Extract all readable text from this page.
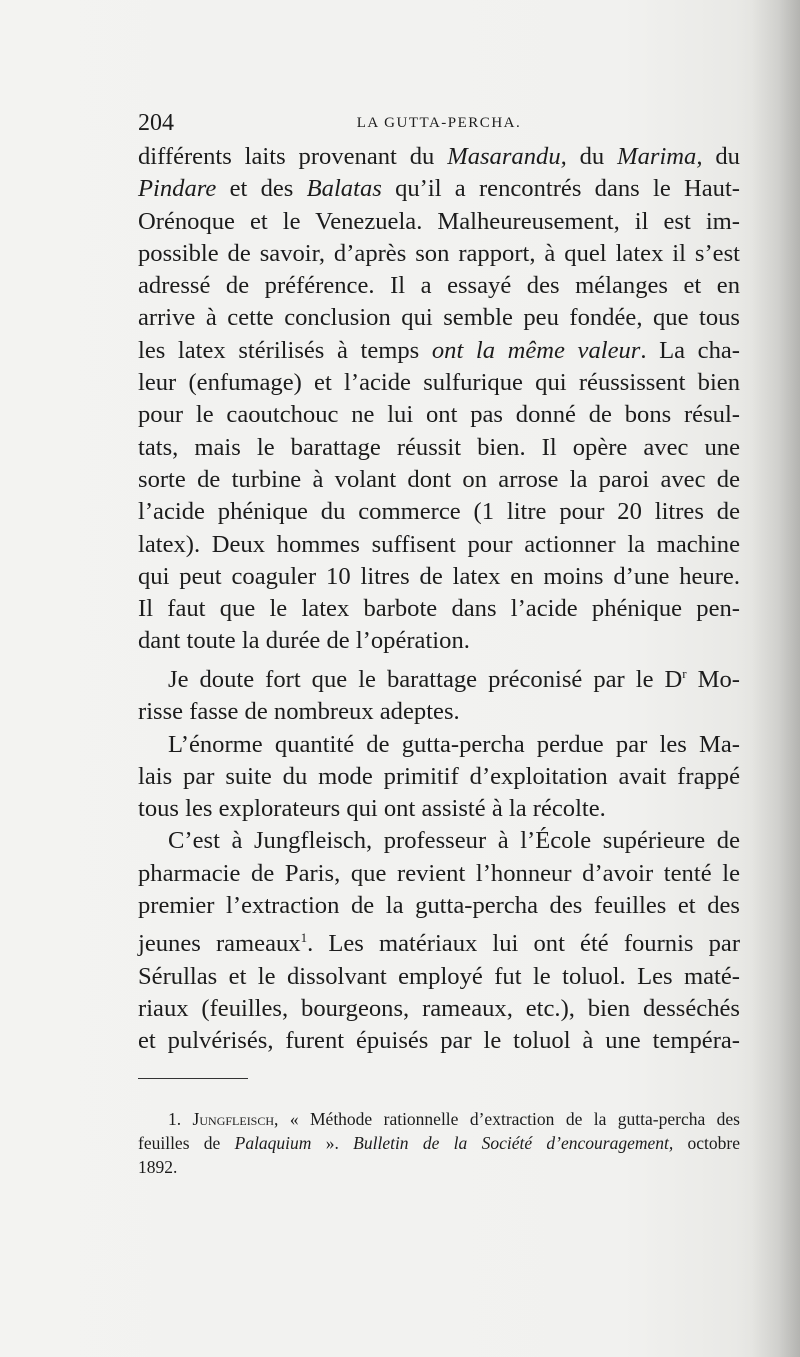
204	LA GUTTA-PERCHA.

différents laits provenant du Masarandu, du Marima, du

Pindare et des Balatas qu’il a rencontrés dans le Haut-

Orénoque et le Venezuela. Malheureusement, il est im-

possible de savoir, d’après son rapport, à quel latex il s’est

adressé de préférence. Il a essayé des mélanges et en

arrive à cette conclusion qui semble peu fondée, que tous

les latex stérilisés à temps ont la même valeur. La cha-

leur (enfumage) et l’acide sulfurique qui réussissent bien

pour le caoutchouc ne lui ont pas donné de bons résul-

tats, mais le barattage réussit bien. Il opère avec une

sorte de turbine à volant dont on arrose la paroi avec de

l’acide phénique du commerce (1 litre pour 20 litres de

latex). Deux hommes suffisent pour actionner la machine

qui peut coaguler 10 litres de latex en moins d’une heure.

Il faut que le latex barbote dans l’acide phénique pen-

dant toute la durée de l’opération.

Je doute fort que le barattage préconisé par le $D^r$ Mo-

risse fasse de nombreux adeptes.

L’énorme quantité de gutta-percha perdue par les Ma-

lais par suite du mode primitif d’exploitation avait frappé

tous les explorateurs qui ont assisté à la récolte.

C’est à Jungfleisch, professeur à l’École supérieure de

pharmacie de Paris, que revient l’honneur d’avoir tenté le

premier l’extraction de la gutta-percha des feuilles et des

jeunes rameaux$^1$. Les matériaux lui ont été fournis par

Sérullas et le dissolvant employé fut le toluol. Les maté-

riaux (feuilles, bourgeons, rameaux, etc.), bien desséchés

et pulvérisés, furent épuisés par le toluol à une tempéra-

1. Jungfleisch, « Méthode rationnelle d’extraction de la gutta-percha des

feuilles de Palaquium ». Bulletin de la Société d’encouragement, octobre

1892.
